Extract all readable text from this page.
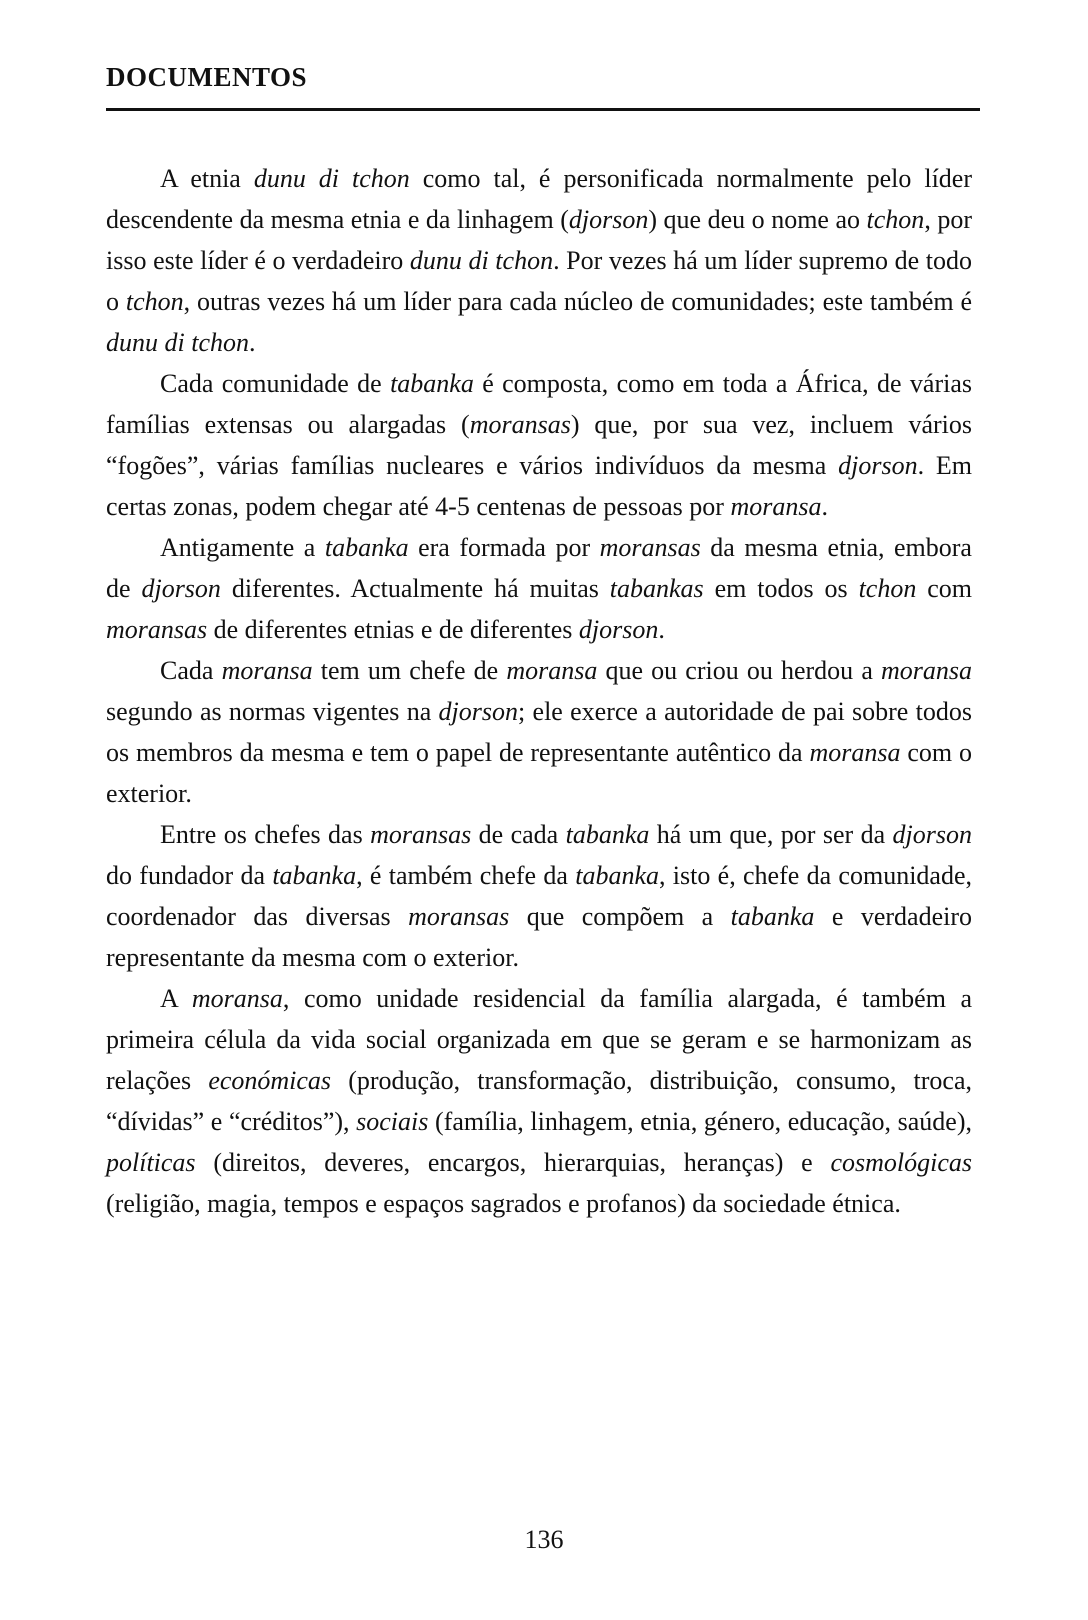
DOCUMENTOS

A etnia dunu di tchon como tal, é personificada normalmente pelo líder descendente da mesma etnia e da linhagem (djorson) que deu o nome ao tchon, por isso este líder é o verdadeiro dunu di tchon. Por vezes há um líder supremo de todo o tchon, outras vezes há um líder para cada núcleo de comunidades; este também é dunu di tchon.

Cada comunidade de tabanka é composta, como em toda a África, de várias famílias extensas ou alargadas (moransas) que, por sua vez, incluem vários “fogões”, várias famílias nucleares e vários indivíduos da mesma djorson. Em certas zonas, podem chegar até 4-5 centenas de pessoas por moransa.

Antigamente a tabanka era formada por moransas da mesma etnia, embora de djorson diferentes. Actualmente há muitas tabankas em todos os tchon com moransas de diferentes etnias e de diferentes djorson.

Cada moransa tem um chefe de moransa que ou criou ou herdou a moransa segundo as normas vigentes na djorson; ele exerce a autoridade de pai sobre todos os membros da mesma e tem o papel de representante autêntico da moransa com o exterior.

Entre os chefes das moransas de cada tabanka há um que, por ser da djorson do fundador da tabanka, é também chefe da tabanka, isto é, chefe da comunidade, coordenador das diversas moransas que compõem a tabanka e verdadeiro representante da mesma com o exterior.

A moransa, como unidade residencial da família alargada, é também a primeira célula da vida social organizada em que se geram e se harmonizam as relações económicas (produção, transformação, distribuição, consumo, troca, “dívidas” e “créditos”), sociais (família, linhagem, etnia, género, educação, saúde), políticas (direitos, deveres, encargos, hierarquias, heranças) e cosmológicas (religião, magia, tempos e espaços sagrados e profanos) da sociedade étnica.

136
